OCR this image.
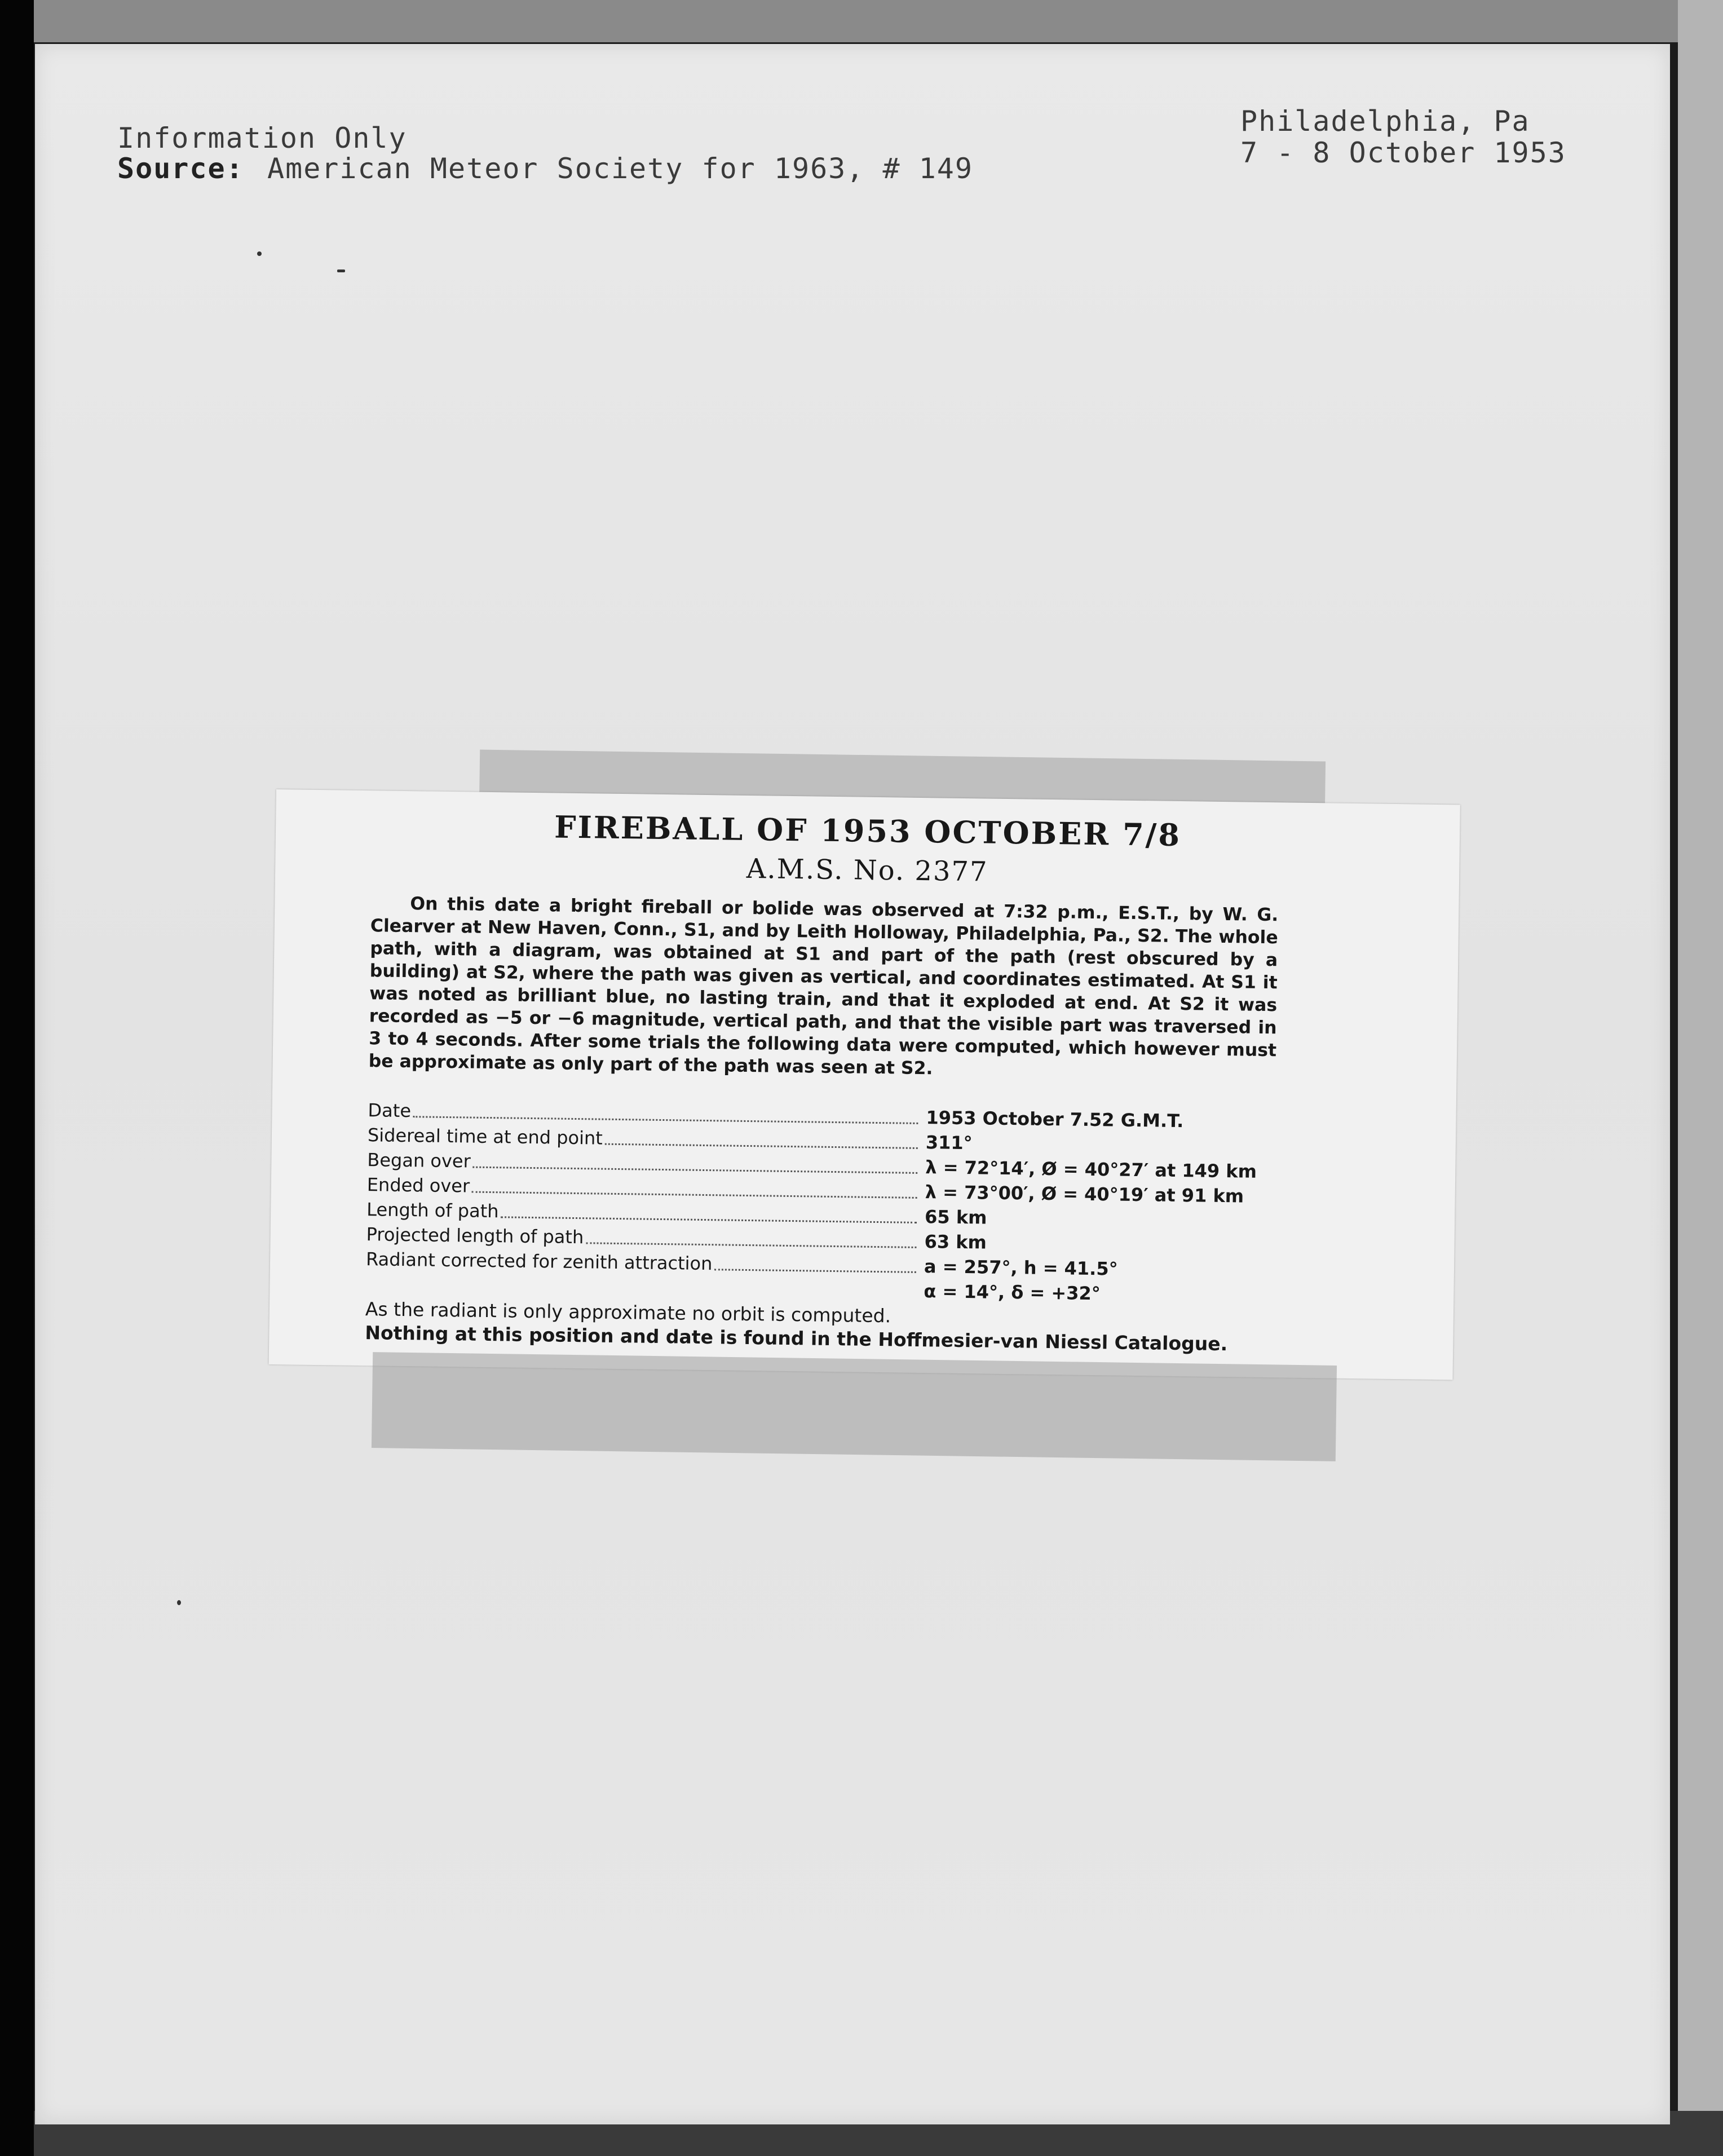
Information Only
Source: American Meteor Society for 1963, # 149
Philadelphia, Pa
7 - 8 October 1953
FIREBALL OF 1953 OCTOBER 7/8
A.M.S. No. 2377

On this date a bright fireball or bolide was observed at 7:32 p.m., E.S.T., by W. G. Clearver at New Haven, Conn., S1, and by Leith Holloway, Philadelphia, Pa., S2. The whole path, with a diagram, was obtained at S1 and part of the path (rest obscured by a building) at S2, where the path was given as vertical, and coordinates estimated. At S1 it was noted as brilliant blue, no lasting train, and that it exploded at end. At S2 it was recorded as −5 or −6 magnitude, vertical path, and that the visible part was traversed in 3 to 4 seconds. After some trials the following data were computed, which however must be approximate as only part of the path was seen at S2.

Date	1953 October 7.52 G.M.T.
Sidereal time at end point	311°
Began over	λ = 72°14′, Ø = 40°27′ at 149 km
Ended over	λ = 73°00′, Ø = 40°19′ at 91 km
Length of path	65 km
Projected length of path	63 km
Radiant corrected for zenith attraction	a = 257°, h = 41.5°
α = 14°, δ = +32°
As the radiant is only approximate no orbit is computed.
Nothing at this position and date is found in the Hoffmesier-van Niessl Catalogue.
